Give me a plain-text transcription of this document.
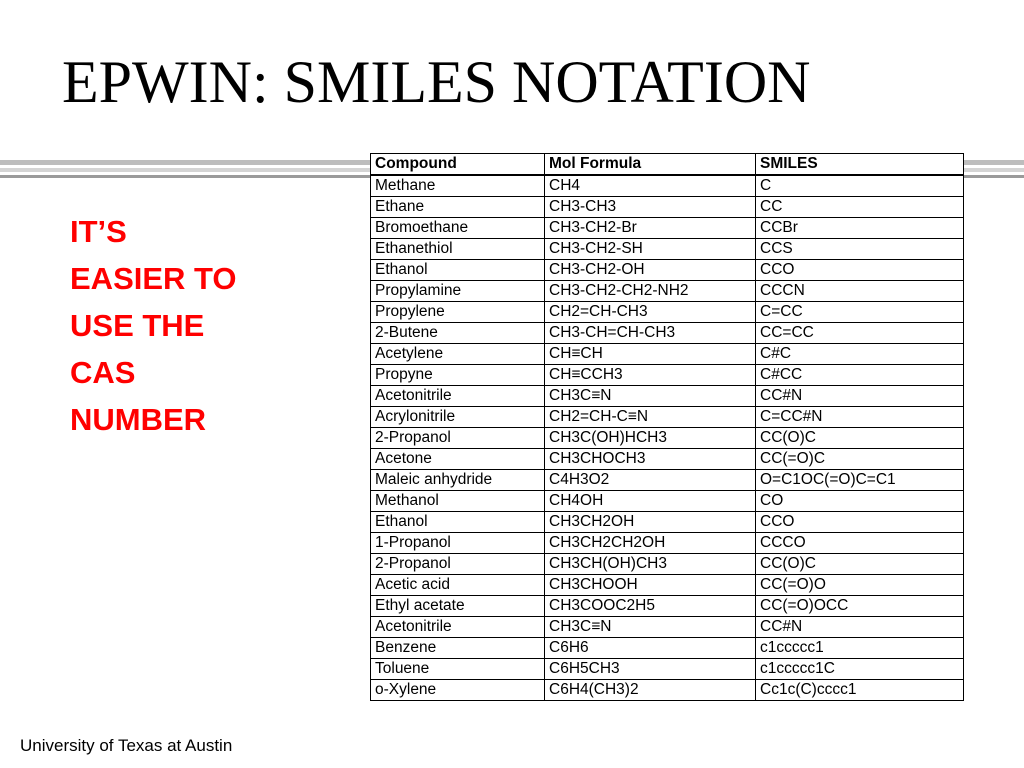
EPWIN: SMILES NOTATION
IT’S
EASIER TO
USE THE
CAS
NUMBER
Compound	Mol Formula	SMILES
Methane	CH4	C
Ethane	CH3-CH3	CC
Bromoethane	CH3-CH2-Br	CCBr
Ethanethiol	CH3-CH2-SH	CCS
Ethanol	CH3-CH2-OH	CCO
Propylamine	CH3-CH2-CH2-NH2	CCCN
Propylene	CH2=CH-CH3	C=CC
2-Butene	CH3-CH=CH-CH3	CC=CC
Acetylene	CH≡CH	C#C
Propyne	CH≡CCH3	C#CC
Acetonitrile	CH3C≡N	CC#N
Acrylonitrile	CH2=CH-C≡N	C=CC#N
2-Propanol	CH3C(OH)HCH3	CC(O)C
Acetone	CH3CHOCH3	CC(=O)C
Maleic anhydride	C4H3O2	O=C1OC(=O)C=C1
Methanol	CH4OH	CO
Ethanol	CH3CH2OH	CCO
1-Propanol	CH3CH2CH2OH	CCCO
2-Propanol	CH3CH(OH)CH3	CC(O)C
Acetic acid	CH3CHOOH	CC(=O)O
Ethyl acetate	CH3COOC2H5	CC(=O)OCC
Acetonitrile	CH3C≡N	CC#N
Benzene	C6H6	c1ccccc1
Toluene	C6H5CH3	c1ccccc1C
o-Xylene	C6H4(CH3)2	Cc1c(C)cccc1
University of Texas at Austin
